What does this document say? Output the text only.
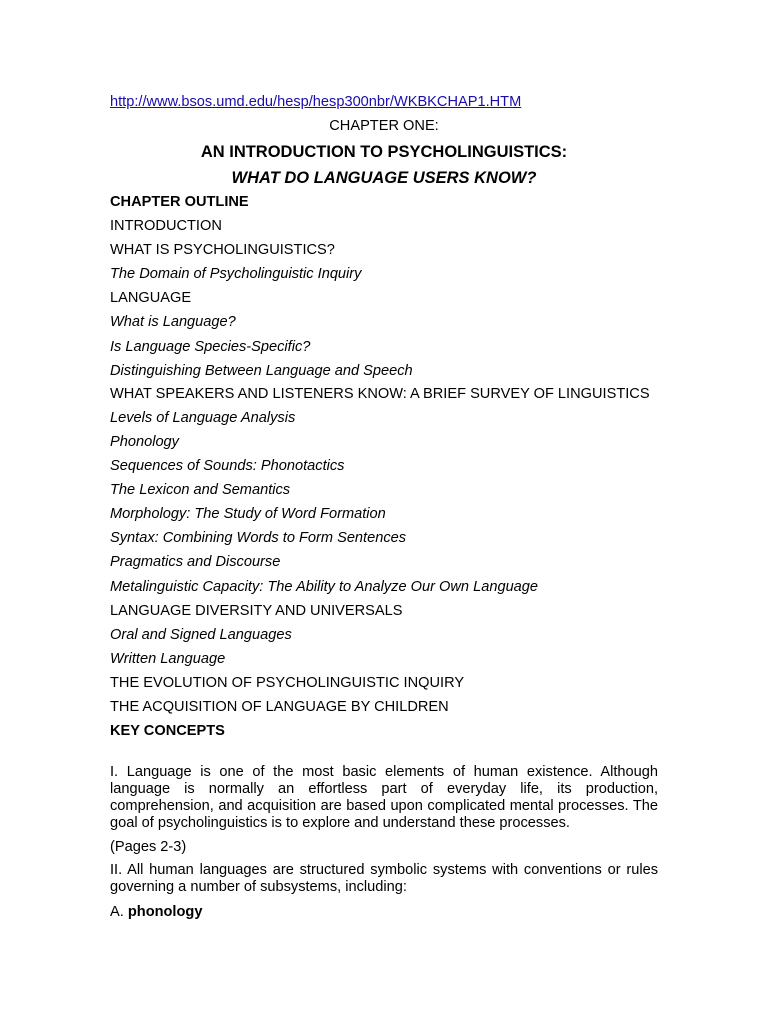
http://www.bsos.umd.edu/hesp/hesp300nbr/WKBKCHAP1.HTM
CHAPTER ONE:
AN INTRODUCTION TO PSYCHOLINGUISTICS:
WHAT DO LANGUAGE USERS KNOW?
CHAPTER OUTLINE
INTRODUCTION
WHAT IS PSYCHOLINGUISTICS?
The Domain of Psycholinguistic Inquiry
LANGUAGE
What is Language?
Is Language Species-Specific?
Distinguishing Between Language and Speech
WHAT SPEAKERS AND LISTENERS KNOW: A BRIEF SURVEY OF LINGUISTICS
Levels of Language Analysis
Phonology
Sequences of Sounds: Phonotactics
The Lexicon and Semantics
Morphology: The Study of Word Formation
Syntax: Combining Words to Form Sentences
Pragmatics and Discourse
Metalinguistic Capacity: The Ability to Analyze Our Own Language
LANGUAGE DIVERSITY AND UNIVERSALS
Oral and Signed Languages
Written Language
THE EVOLUTION OF PSYCHOLINGUISTIC INQUIRY
THE ACQUISITION OF LANGUAGE BY CHILDREN
KEY CONCEPTS

I. Language is one of the most basic elements of human existence. Although language is normally an effortless part of everyday life, its production, comprehension, and acquisition are based upon complicated mental processes. The goal of psycholinguistics is to explore and understand these processes.

(Pages 2-3)

II. All human languages are structured symbolic systems with conventions or rules governing a number of subsystems, including:

A. phonology
